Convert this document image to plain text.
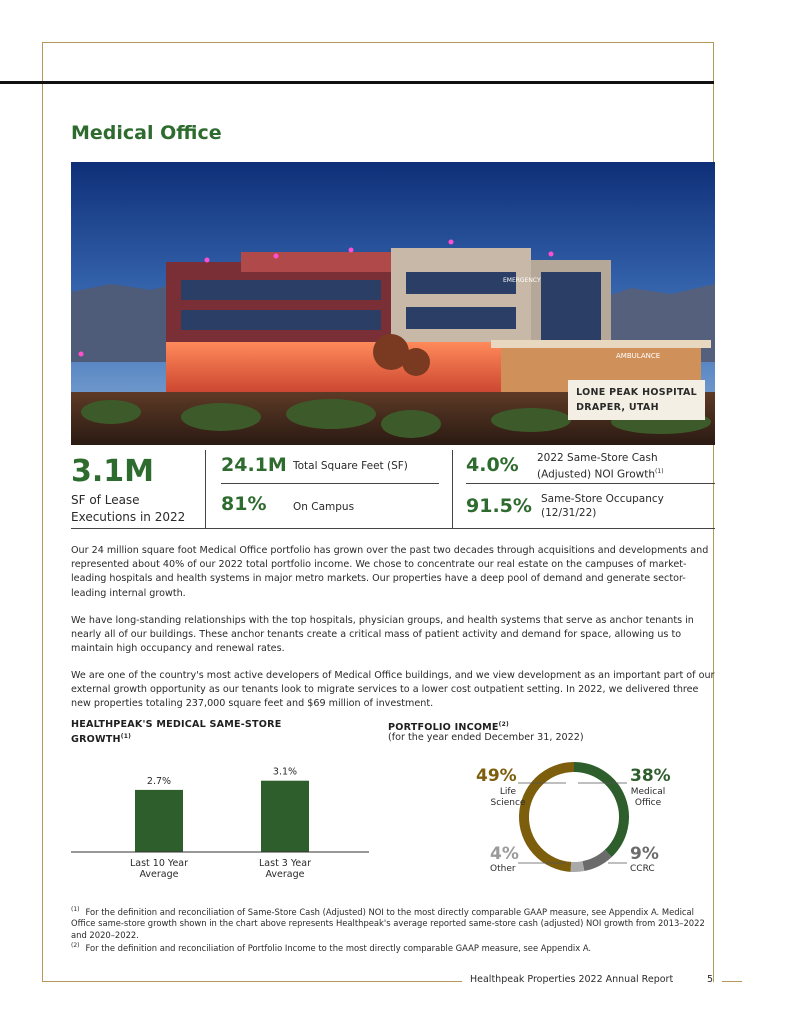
Medical Office
AMBULANCE
EMERGENCY
LONE PEAK HOSPITAL
DRAPER, UTAH
3.1M
SF of Lease Executions in 2022
24.1M Total Square Feet (SF)
81%	On Campus
4.0% 2022 Same-Store Cash
(Adjusted) NOI Growth$^{(1)}$
91.5% Same-Store Occupancy
(12/31/22)

Our 24 million square foot Medical Office portfolio has grown over the past two decades through acquisitions and developments and represented about 40% of our 2022 total portfolio income. We chose to concentrate our real estate on the campuses of market-leading hospitals and health systems in major metro markets. Our properties have a deep pool of demand and generate sector-leading internal growth.

We have long-standing relationships with the top hospitals, physician groups, and health systems that serve as anchor tenants in nearly all of our buildings. These anchor tenants create a critical mass of patient activity and demand for space, allowing us to maintain high occupancy and renewal rates.

We are one of the country's most active developers of Medical Office buildings, and we view development as an important part of our external growth opportunity as our tenants look to migrate services to a lower cost outpatient setting. In 2022, we delivered three new properties totaling 237,000 square feet and $69 million of investment.

HEALTHPEAK'S MEDICAL SAME-STORE
GROWTH$^{(1)}$
2.7%
Last 10 Year
Average
3.1%
Last 3 Year
Average
PORTFOLIO INCOME$^{(2)}$
(for the year ended December 31, 2022)
38%
Medical
Office
9%
CCRC
4%
Other
49%
Life
Science
$^{(1)}$ For the definition and reconciliation of Same-Store Cash (Adjusted) NOI to the most directly comparable GAAP measure, see Appendix A. Medical Office same-store growth shown in the chart above represents Healthpeak's average reported same-store cash (adjusted) NOI growth from 2013–2022 and 2020–2022.
$^{(2)}$ For the definition and reconciliation of Portfolio Income to the most directly comparable GAAP measure, see Appendix A.
Healthpeak Properties 2022 Annual Report	5
